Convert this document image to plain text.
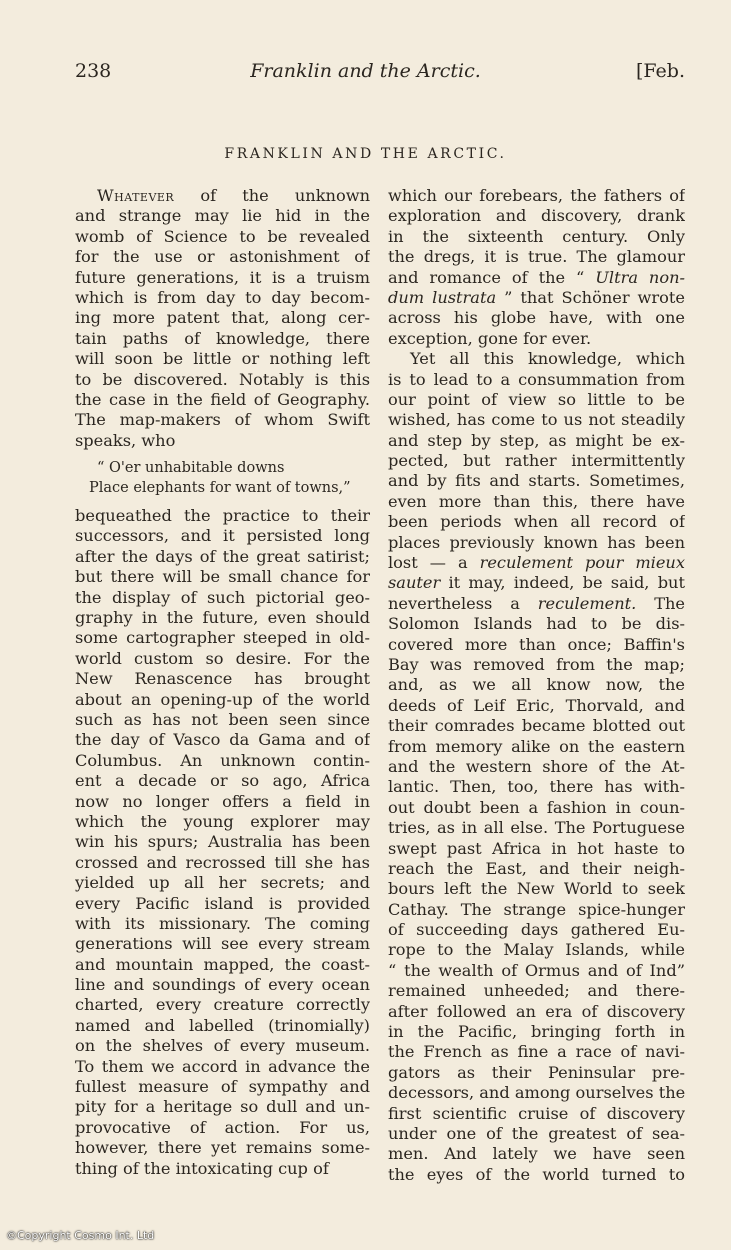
238	Franklin and the Arctic.	[Feb.
FRANKLIN AND THE ARCTIC.
Whatever of the unknown
and strange may lie hid in the
womb of Science to be revealed
for the use or astonishment of
future generations, it is a truism
which is from day to day becom-
ing more patent that, along cer-
tain paths of knowledge, there
will soon be little or nothing left
to be discovered. Notably is this
the case in the field of Geography.
The map-makers of whom Swift
speaks, who
“ O'er unhabitable downs
Place elephants for want of towns,”
bequeathed the practice to their
successors, and it persisted long
after the days of the great satirist;
but there will be small chance for
the display of such pictorial geo-
graphy in the future, even should
some cartographer steeped in old-
world custom so desire. For the
New Renascence has brought
about an opening-up of the world
such as has not been seen since
the day of Vasco da Gama and of
Columbus. An unknown contin-
ent a decade or so ago, Africa
now no longer offers a field in
which the young explorer may
win his spurs; Australia has been
crossed and recrossed till she has
yielded up all her secrets; and
every Pacific island is provided
with its missionary. The coming
generations will see every stream
and mountain mapped, the coast-
line and soundings of every ocean
charted, every creature correctly
named and labelled (trinomially)
on the shelves of every museum.
To them we accord in advance the
fullest measure of sympathy and
pity for a heritage so dull and un-
provocative of action. For us,
however, there yet remains some-
thing of the intoxicating cup of
which our forebears, the fathers of
exploration and discovery, drank
in the sixteenth century. Only
the dregs, it is true. The glamour
and romance of the “ Ultra non-
dum lustrata ” that Schöner wrote
across his globe have, with one
exception, gone for ever.
Yet all this knowledge, which
is to lead to a consummation from
our point of view so little to be
wished, has come to us not steadily
and step by step, as might be ex-
pected, but rather intermittently
and by fits and starts. Sometimes,
even more than this, there have
been periods when all record of
places previously known has been
lost — a reculement pour mieux
sauter it may, indeed, be said, but
nevertheless a reculement. The
Solomon Islands had to be dis-
covered more than once; Baffin's
Bay was removed from the map;
and, as we all know now, the
deeds of Leif Eric, Thorvald, and
their comrades became blotted out
from memory alike on the eastern
and the western shore of the At-
lantic. Then, too, there has with-
out doubt been a fashion in coun-
tries, as in all else. The Portuguese
swept past Africa in hot haste to
reach the East, and their neigh-
bours left the New World to seek
Cathay. The strange spice-hunger
of succeeding days gathered Eu-
rope to the Malay Islands, while
“ the wealth of Ormus and of Ind”
remained unheeded; and there-
after followed an era of discovery
in the Pacific, bringing forth in
the French as fine a race of navi-
gators as their Peninsular pre-
decessors, and among ourselves the
first scientific cruise of discovery
under one of the greatest of sea-
men. And lately we have seen
the eyes of the world turned to
©Copyright Cosmo Int. Ltd
